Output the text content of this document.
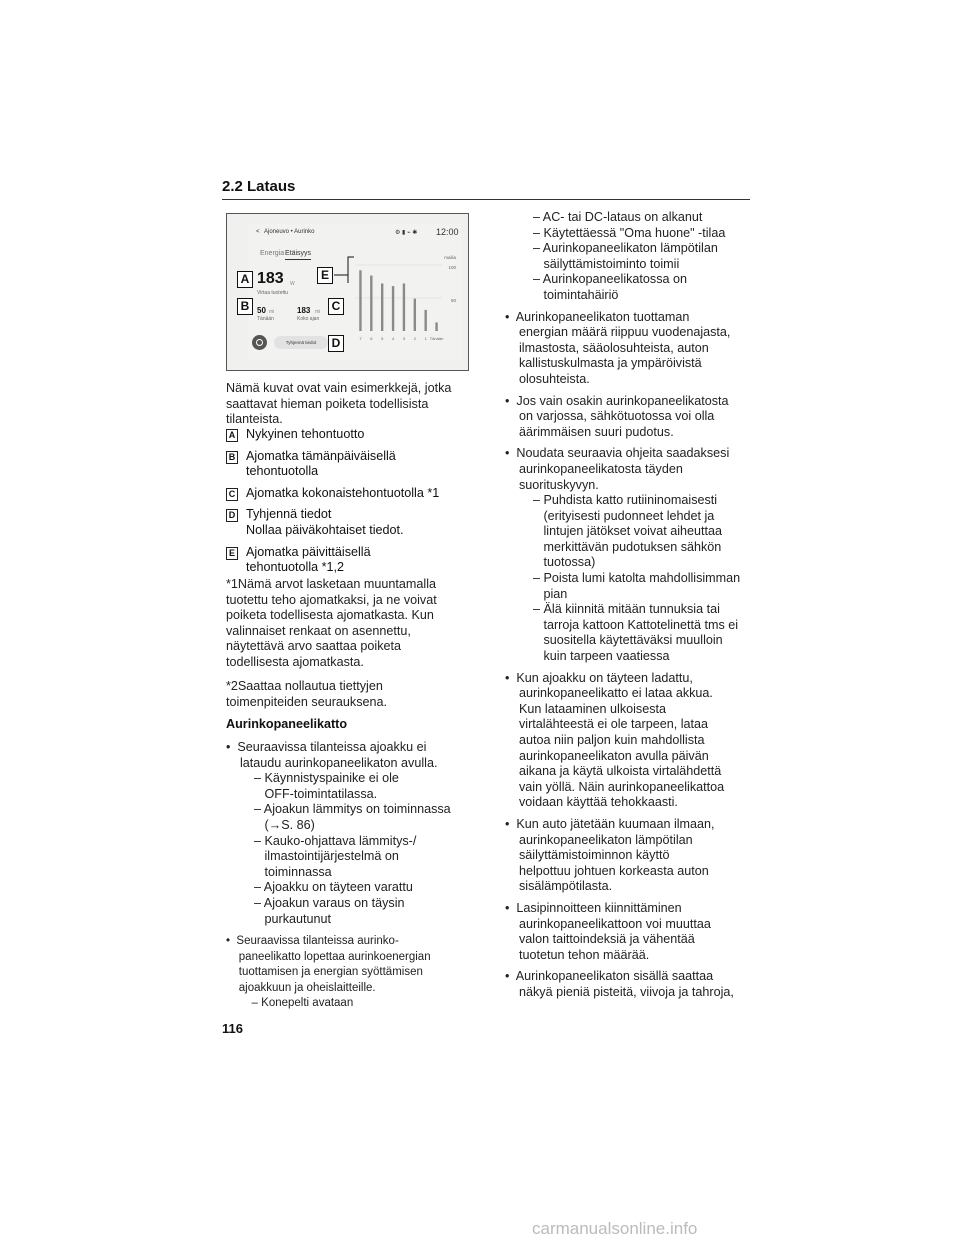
2.2 Lataus
< Ajoneuvo • Aurinko	⚙ ▮ ⌁ ✱ 12:00
Energia Etäisyys
183 W
Virtaa tuotettu
50 mi
Tänään
183 mi
Koko ajan
Tyhjennä tiedot
mailia
100
50
7 6 5 4 3 2 1 Tänään
A
B	C
D
E
Nämä kuvat ovat vain esimerkkejä, jotka saattavat hieman poiketa todellisista tilanteista.
A Nykyinen tehontuotto
B Ajomatka tämänpäiväisellä
tehontuotolla
C Ajomatka kokonaistehontuotolla *1
D Tyhjennä tiedot
Nollaa päiväkohtaiset tiedot.
E Ajomatka päivittäisellä
tehontuotolla *1,2
*1Nämä arvot lasketaan muuntamalla
tuotettu teho ajomatkaksi, ja ne voivat
poiketa todellisesta ajomatkasta. Kun
valinnaiset renkaat on asennettu,
näytettävä arvo saattaa poiketa
todellisesta ajomatkasta.
*2Saattaa nollautua tiettyjen
toimenpiteiden seurauksena.
Aurinkopaneelikatto
•  Seuraavissa tilanteissa ajoakku ei
lataudu aurinkopaneelikaton avulla.
– Käynnistyspainike ei ole
OFF-toimintatilassa.
– Ajoakun lämmitys on toiminnassa
(→S. 86)
– Kauko-ohjattava lämmitys-/
ilmastointijärjestelmä on
toiminnassa
– Ajoakku on täyteen varattu
– Ajoakun varaus on täysin
purkautunut
•  Seuraavissa tilanteissa aurinko-
paneelikatto lopettaa aurinkoenergian
tuottamisen ja energian syöttämisen
ajoakkuun ja oheislaitteille.
– Konepelti avataan
– AC- tai DC-lataus on alkanut
– Käytettäessä "Oma huone" -tilaa
– Aurinkopaneelikaton lämpötilan
säilyttämistoiminto toimii
– Aurinkopaneelikatossa on
toimintahäiriö
•  Aurinkopaneelikaton tuottaman
energian määrä riippuu vuodenajasta,
ilmastosta, sääolosuhteista, auton
kallistuskulmasta ja ympäröivistä
olosuhteista.
•  Jos vain osakin aurinkopaneelikatosta
on varjossa, sähkötuotossa voi olla
äärimmäisen suuri pudotus.
•  Noudata seuraavia ohjeita saadaksesi
aurinkopaneelikatosta täyden
suorituskyvyn.
– Puhdista katto rutiininomaisesti
(erityisesti pudonneet lehdet ja
lintujen jätökset voivat aiheuttaa
merkittävän pudotuksen sähkön
tuotossa)
– Poista lumi katolta mahdollisimman
pian
– Älä kiinnitä mitään tunnuksia tai
tarroja kattoon Kattotelinettä tms ei
suositella käytettäväksi muulloin
kuin tarpeen vaatiessa
•  Kun ajoakku on täyteen ladattu,
aurinkopaneelikatto ei lataa akkua.
Kun lataaminen ulkoisesta
virtalähteestä ei ole tarpeen, lataa
autoa niin paljon kuin mahdollista
aurinkopaneelikaton avulla päivän
aikana ja käytä ulkoista virtalähdettä
vain yöllä. Näin aurinkopaneelikattoa
voidaan käyttää tehokkaasti.
•  Kun auto jätetään kuumaan ilmaan,
aurinkopaneelikaton lämpötilan
säilyttämistoiminnon käyttö
helpottuu johtuen korkeasta auton
sisälämpötilasta.
•  Lasipinnoitteen kiinnittäminen
aurinkopaneelikattoon voi muuttaa
valon taittoindeksiä ja vähentää
tuotetun tehon määrää.
•  Aurinkopaneelikaton sisällä saattaa
näkyä pieniä pisteitä, viivoja ja tahroja,
116
carmanualsonline.info
